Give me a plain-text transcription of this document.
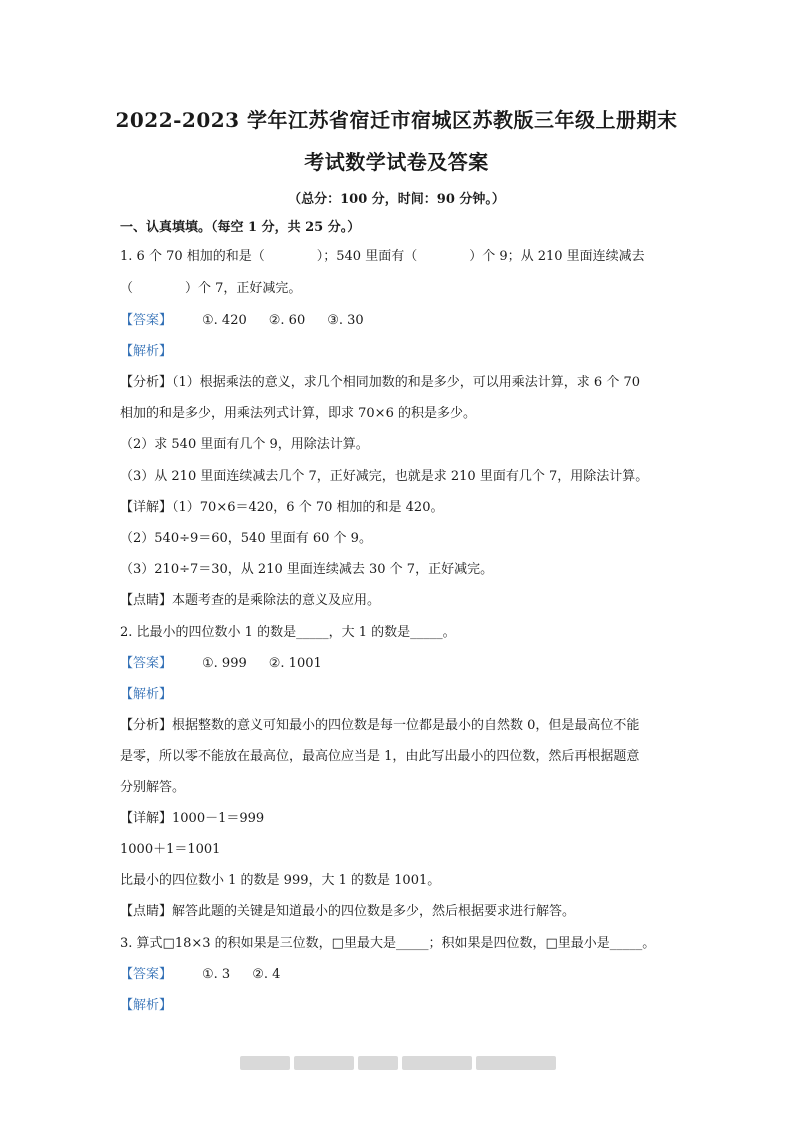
2022-2023 学年江苏省宿迁市宿城区苏教版三年级上册期末
考试数学试卷及答案
（总分：100 分，时间：90 分钟。）
一、认真填填。（每空 1 分，共 25 分。）
1. 6 个 70 相加的和是（　　　　）；540 里面有（　　　　）个 9；从 210 里面连续减去
（　　　　）个 7，正好减完。
【答案】 ①. 420 ②. 60 ③. 30
【解析】
【分析】（1）根据乘法的意义，求几个相同加数的和是多少，可以用乘法计算，求 6 个 70
相加的和是多少，用乘法列式计算，即求 70×6 的积是多少。
（2）求 540 里面有几个 9，用除法计算。
（3）从 210 里面连续减去几个 7，正好减完，也就是求 210 里面有几个 7，用除法计算。
【详解】（1）70×6＝420，6 个 70 相加的和是 420。
（2）540÷9＝60，540 里面有 60 个 9。
（3）210÷7＝30，从 210 里面连续减去 30 个 7，正好减完。
【点睛】本题考查的是乘除法的意义及应用。
2. 比最小的四位数小 1 的数是_____，大 1 的数是_____。
【答案】 ①. 999 ②. 1001
【解析】
【分析】根据整数的意义可知最小的四位数是每一位都是最小的自然数 0，但是最高位不能
是零，所以零不能放在最高位，最高位应当是 1，由此写出最小的四位数，然后再根据题意
分别解答。
【详解】1000－1＝999
1000＋1＝1001
比最小的四位数小 1 的数是 999，大 1 的数是 1001。
【点睛】解答此题的关键是知道最小的四位数是多少，然后根据要求进行解答。
3. 算式□18×3 的积如果是三位数，□里最大是_____；积如果是四位数，□里最小是_____。
【答案】 ①. 3 ②. 4
【解析】
